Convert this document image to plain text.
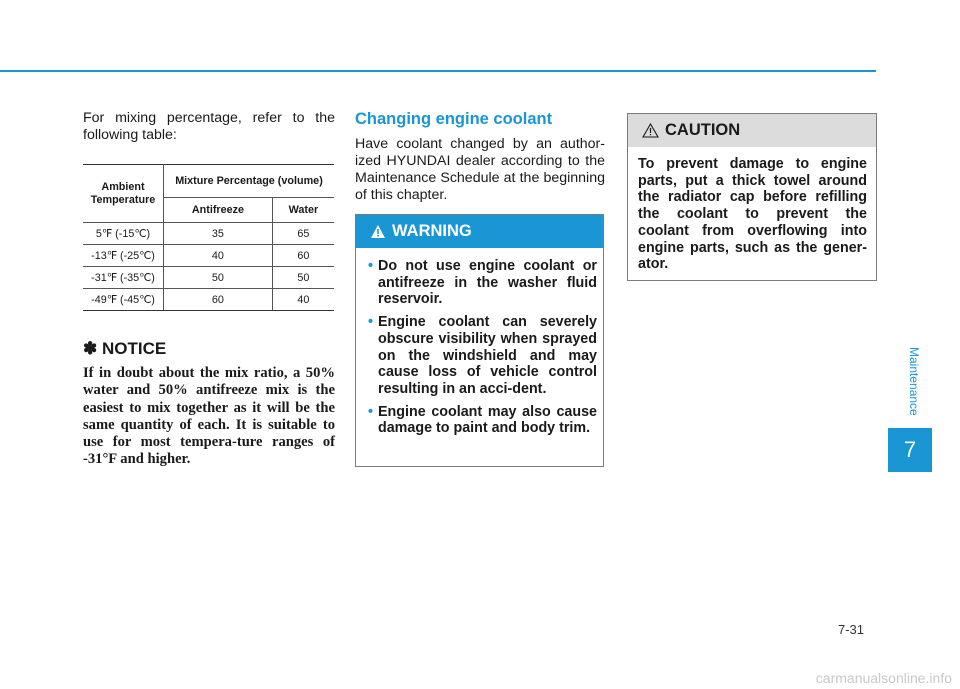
For mixing percentage, refer to the following table:

Ambient Temperature	Mixture Percentage (volume)	
	Antifreeze	Water
5℉ (-15℃)	35	65
-13℉ (-25℃)	40	60
-31℉ (-35℃)	50	50
-49℉ (-45℃)	60	40
✽ NOTICE

If in doubt about the mix ratio, a 50% water and 50% antifreeze mix is the easiest to mix together as it will be the same quantity of each. It is suitable to use for most tempera-ture ranges of -31°F and higher.

Changing engine coolant

Have coolant changed by an author-ized HYUNDAI dealer according to the Maintenance Schedule at the beginning of this chapter.

WARNING
• Do not use engine coolant or antifreeze in the washer fluid reservoir.
• Engine coolant can severely obscure visibility when sprayed on the windshield and may cause loss of vehicle control resulting in an acci-dent.
• Engine coolant may also cause damage to paint and body trim.
CAUTION

To prevent damage to engine parts, put a thick towel around the radiator cap before refilling the coolant to prevent the coolant from overflowing into engine parts, such as the gener-ator.

Maintenance
7
7-31
carmanualsonline.info
